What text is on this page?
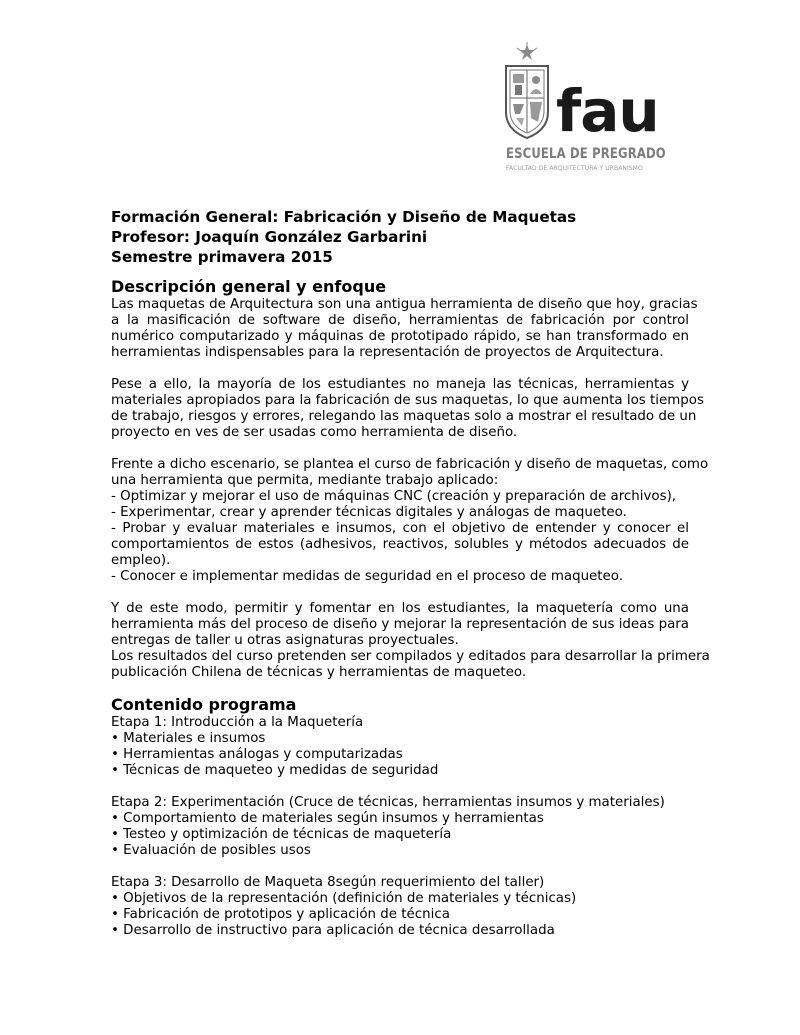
fau
ESCUELA DE PREGRADO
FACULTAD DE ARQUITECTURA Y URBANISMO
Formación General: Fabricación y Diseño de Maquetas
Profesor: Joaquín González Garbarini
Semestre primavera 2015
Descripción general y enfoque

Las maquetas de Arquitectura son una antigua herramienta de diseño que hoy, gracias
a la masificación de software de diseño, herramientas de fabricación por control
numérico computarizado y máquinas de prototipado rápido, se han transformado en
herramientas indispensables para la representación de proyectos de Arquitectura.

Pese a ello, la mayoría de los estudiantes no maneja las técnicas, herramientas y
materiales apropiados para la fabricación de sus maquetas, lo que aumenta los tiempos
de trabajo, riesgos y errores, relegando las maquetas solo a mostrar el resultado de un
proyecto en ves de ser usadas como herramienta de diseño.

Frente a dicho escenario, se plantea el curso de fabricación y diseño de maquetas, como
una herramienta que permita, mediante trabajo aplicado:
- Optimizar y mejorar el uso de máquinas CNC (creación y preparación de archivos),
- Experimentar, crear y aprender técnicas digitales y análogas de maqueteo.
- Probar y evaluar materiales e insumos, con el objetivo de entender y conocer el
comportamientos de estos (adhesivos, reactivos, solubles y métodos adecuados de
empleo).
- Conocer e implementar medidas de seguridad en el proceso de maqueteo.

Y de este modo, permitir y fomentar en los estudiantes, la maquetería como una
herramienta más del proceso de diseño y mejorar la representación de sus ideas para
entregas de taller u otras asignaturas proyectuales.
Los resultados del curso pretenden ser compilados y editados para desarrollar la primera
publicación Chilena de técnicas y herramientas de maqueteo.

Contenido programa
Etapa 1: Introducción a la Maquetería
• Materiales e insumos
• Herramientas análogas y computarizadas
• Técnicas de maqueteo y medidas de seguridad
Etapa 2: Experimentación (Cruce de técnicas, herramientas insumos y materiales)
• Comportamiento de materiales según insumos y herramientas
• Testeo y optimización de técnicas de maquetería
• Evaluación de posibles usos
Etapa 3: Desarrollo de Maqueta 8según requerimiento del taller)
• Objetivos de la representación (definición de materiales y técnicas)
• Fabricación de prototipos y aplicación de técnica
• Desarrollo de instructivo para aplicación de técnica desarrollada
